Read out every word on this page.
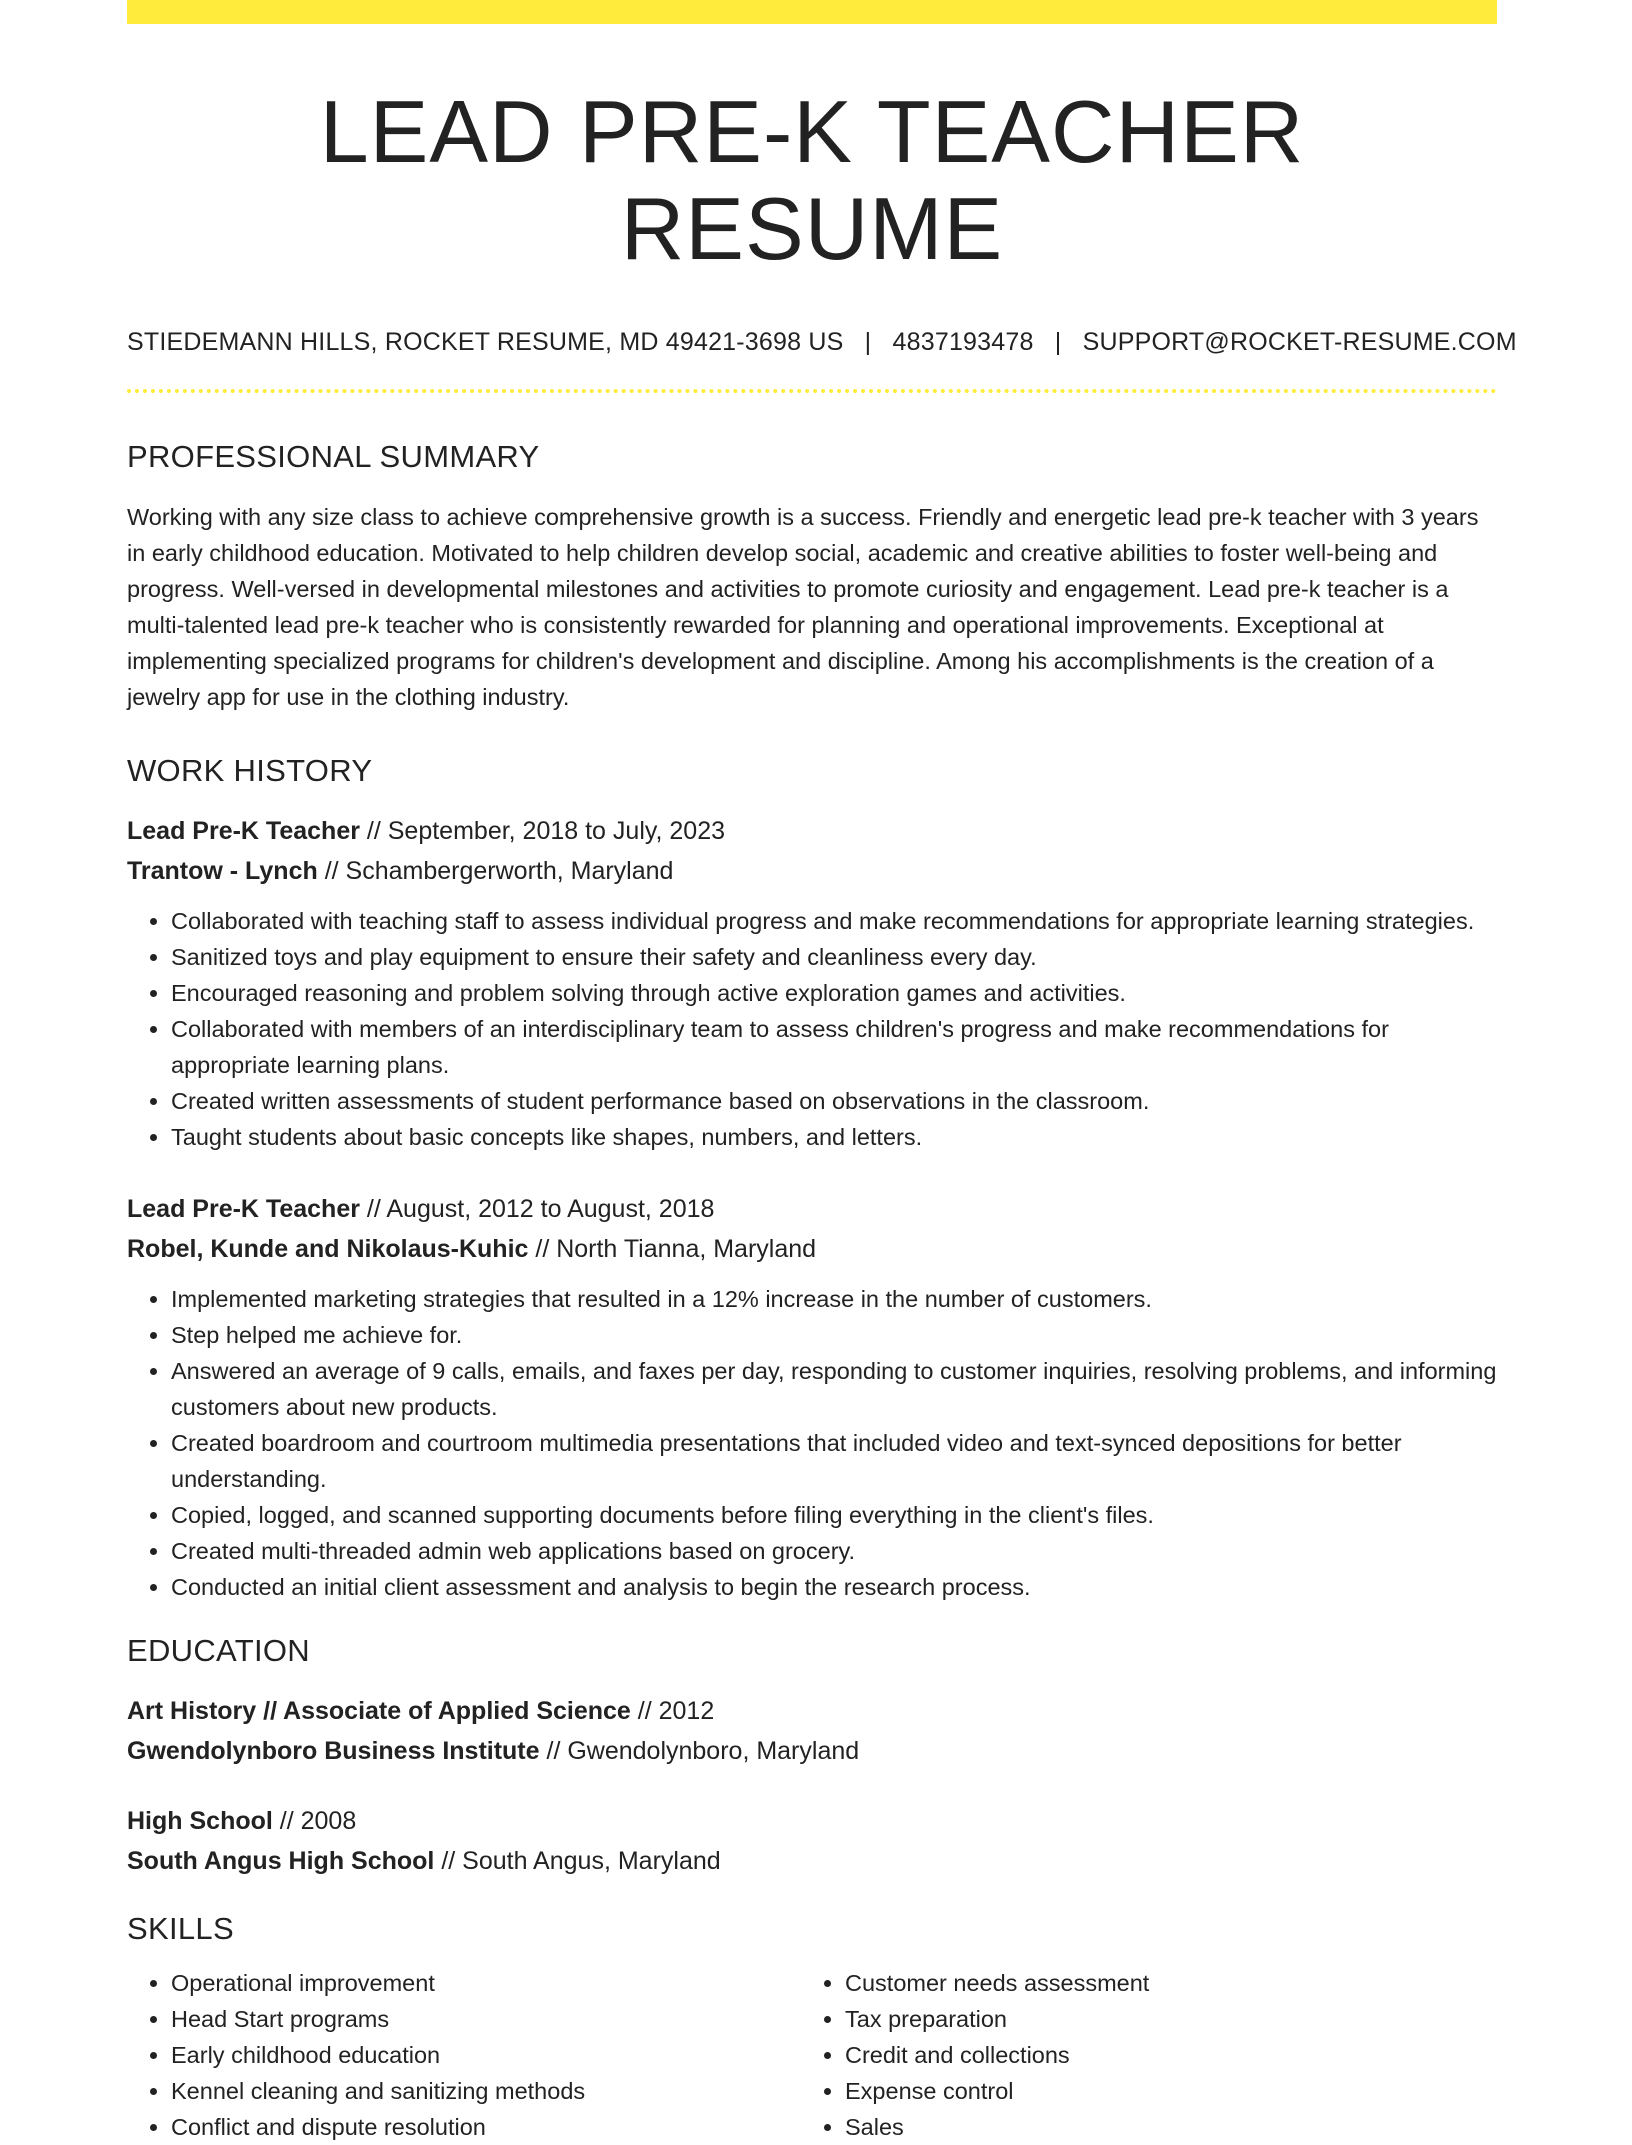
LEAD PRE-K TEACHER RESUME
STIEDEMANN HILLS, ROCKET RESUME, MD 49421-3698 US | 4837193478 | SUPPORT@ROCKET-RESUME.COM
PROFESSIONAL SUMMARY

Working with any size class to achieve comprehensive growth is a success. Friendly and energetic lead pre-k teacher with 3 years in early childhood education. Motivated to help children develop social, academic and creative abilities to foster well-being and progress. Well-versed in developmental milestones and activities to promote curiosity and engagement. Lead pre-k teacher is a multi-talented lead pre-k teacher who is consistently rewarded for planning and operational improvements. Exceptional at implementing specialized programs for children's development and discipline. Among his accomplishments is the creation of a jewelry app for use in the clothing industry.

WORK HISTORY
Lead Pre-K Teacher // September, 2018 to July, 2023
Trantow - Lynch // Schambergerworth, Maryland
• Collaborated with teaching staff to assess individual progress and make recommendations for appropriate learning strategies.
• Sanitized toys and play equipment to ensure their safety and cleanliness every day.
• Encouraged reasoning and problem solving through active exploration games and activities.
• Collaborated with members of an interdisciplinary team to assess children's progress and make recommendations for appropriate learning plans.
• Created written assessments of student performance based on observations in the classroom.
• Taught students about basic concepts like shapes, numbers, and letters.
Lead Pre-K Teacher // August, 2012 to August, 2018
Robel, Kunde and Nikolaus-Kuhic // North Tianna, Maryland
• Implemented marketing strategies that resulted in a 12% increase in the number of customers.
• Step helped me achieve for.
• Answered an average of 9 calls, emails, and faxes per day, responding to customer inquiries, resolving problems, and informing customers about new products.
• Created boardroom and courtroom multimedia presentations that included video and text-synced depositions for better understanding.
• Copied, logged, and scanned supporting documents before filing everything in the client's files.
• Created multi-threaded admin web applications based on grocery.
• Conducted an initial client assessment and analysis to begin the research process.
EDUCATION
Art History // Associate of Applied Science // 2012
Gwendolynboro Business Institute // Gwendolynboro, Maryland
High School // 2008
South Angus High School // South Angus, Maryland
SKILLS
• Operational improvement
• Head Start programs
• Early childhood education
• Kennel cleaning and sanitizing methods
• Conflict and dispute resolution
• Customer needs assessment
• Tax preparation
• Credit and collections
• Expense control
• Sales
